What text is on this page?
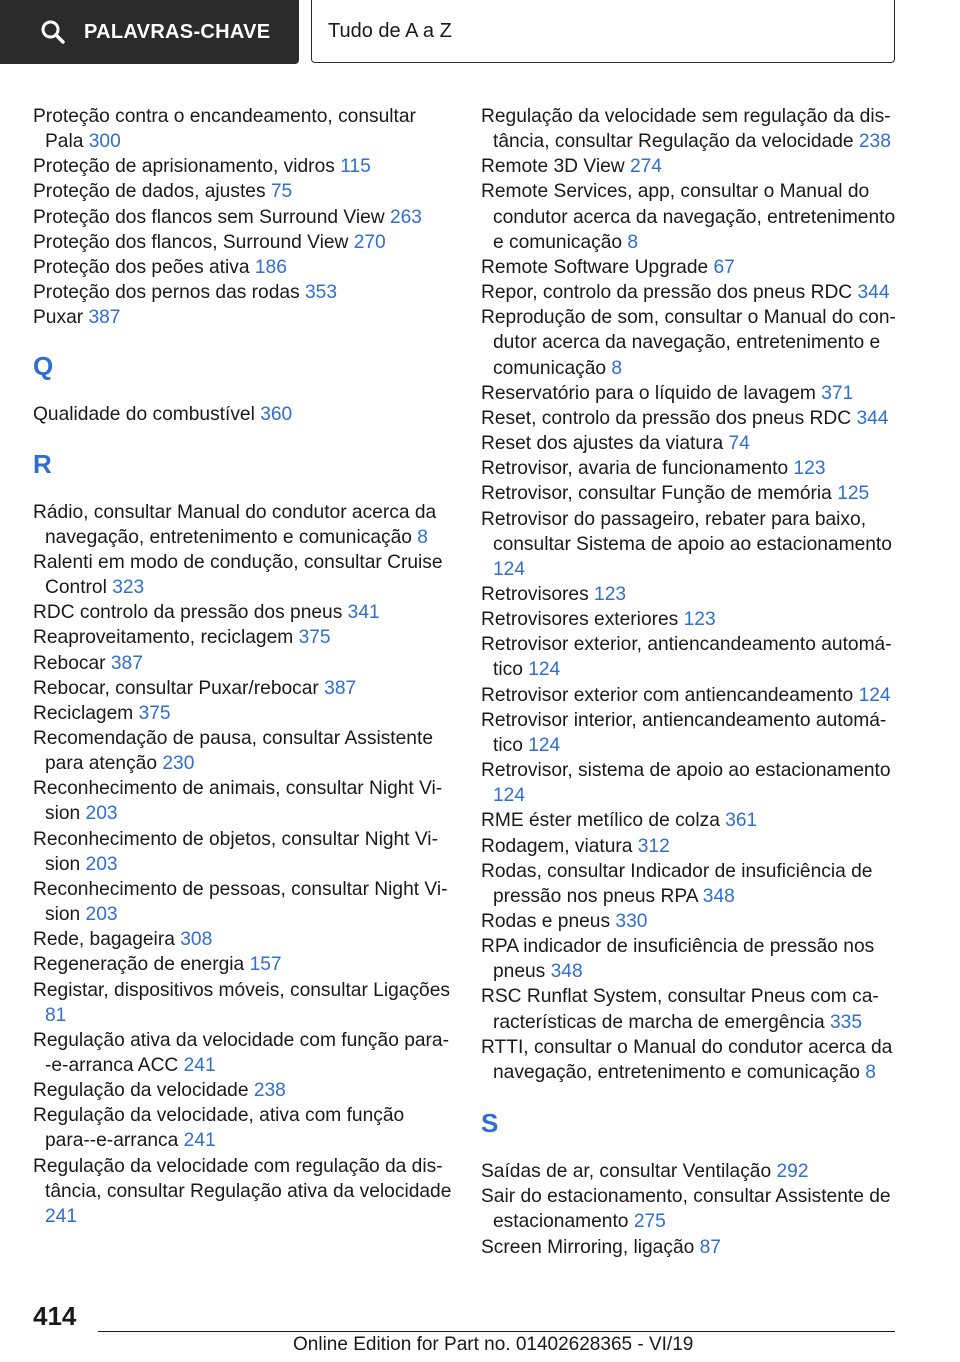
PALAVRAS-CHAVE	Tudo de A a Z
Proteção contra o encandeamento, consultar Pala 300
Proteção de aprisionamento, vidros 115
Proteção de dados, ajustes 75
Proteção dos flancos sem Surround View 263
Proteção dos flancos, Surround View 270
Proteção dos peões ativa 186
Proteção dos pernos das rodas 353
Puxar 387
Q
Qualidade do combustível 360
R
Rádio, consultar Manual do condutor acerca da navegação, entretenimento e comunicação 8
Ralenti em modo de condução, consultar Cruise Control 323
RDC controlo da pressão dos pneus 341
Reaproveitamento, reciclagem 375
Rebocar 387
Rebocar, consultar Puxar/rebocar 387
Reciclagem 375
Recomendação de pausa, consultar Assistente para atenção 230
Reconhecimento de animais, consultar Night Vision 203
Reconhecimento de objetos, consultar Night Vision 203
Reconhecimento de pessoas, consultar Night Vision 203
Rede, bagageira 308
Regeneração de energia 157
Registar, dispositivos móveis, consultar Ligações 81
Regulação ativa da velocidade com função para--e-arranca ACC 241
Regulação da velocidade 238
Regulação da velocidade, ativa com função para--e-arranca 241
Regulação da velocidade com regulação da distância, consultar Regulação ativa da velocidade 241
Regulação da velocidade sem regulação da distância, consultar Regulação da velocidade 238
Remote 3D View 274
Remote Services, app, consultar o Manual do condutor acerca da navegação, entretenimento e comunicação 8
Remote Software Upgrade 67
Repor, controlo da pressão dos pneus RDC 344
Reprodução de som, consultar o Manual do condutor acerca da navegação, entretenimento e comunicação 8
Reservatório para o líquido de lavagem 371
Reset, controlo da pressão dos pneus RDC 344
Reset dos ajustes da viatura 74
Retrovisor, avaria de funcionamento 123
Retrovisor, consultar Função de memória 125
Retrovisor do passageiro, rebater para baixo, consultar Sistema de apoio ao estacionamento 124
Retrovisores 123
Retrovisores exteriores 123
Retrovisor exterior, antiencandeamento automático 124
Retrovisor exterior com antiencandeamento 124
Retrovisor interior, antiencandeamento automático 124
Retrovisor, sistema de apoio ao estacionamento 124
RME éster metílico de colza 361
Rodagem, viatura 312
Rodas, consultar Indicador de insuficiência de pressão nos pneus RPA 348
Rodas e pneus 330
RPA indicador de insuficiência de pressão nos pneus 348
RSC Runflat System, consultar Pneus com características de marcha de emergência 335
RTTI, consultar o Manual do condutor acerca da navegação, entretenimento e comunicação 8
S
Saídas de ar, consultar Ventilação 292
Sair do estacionamento, consultar Assistente de estacionamento 275
Screen Mirroring, ligação 87
414
Online Edition for Part no. 01402628365 - VI/19
